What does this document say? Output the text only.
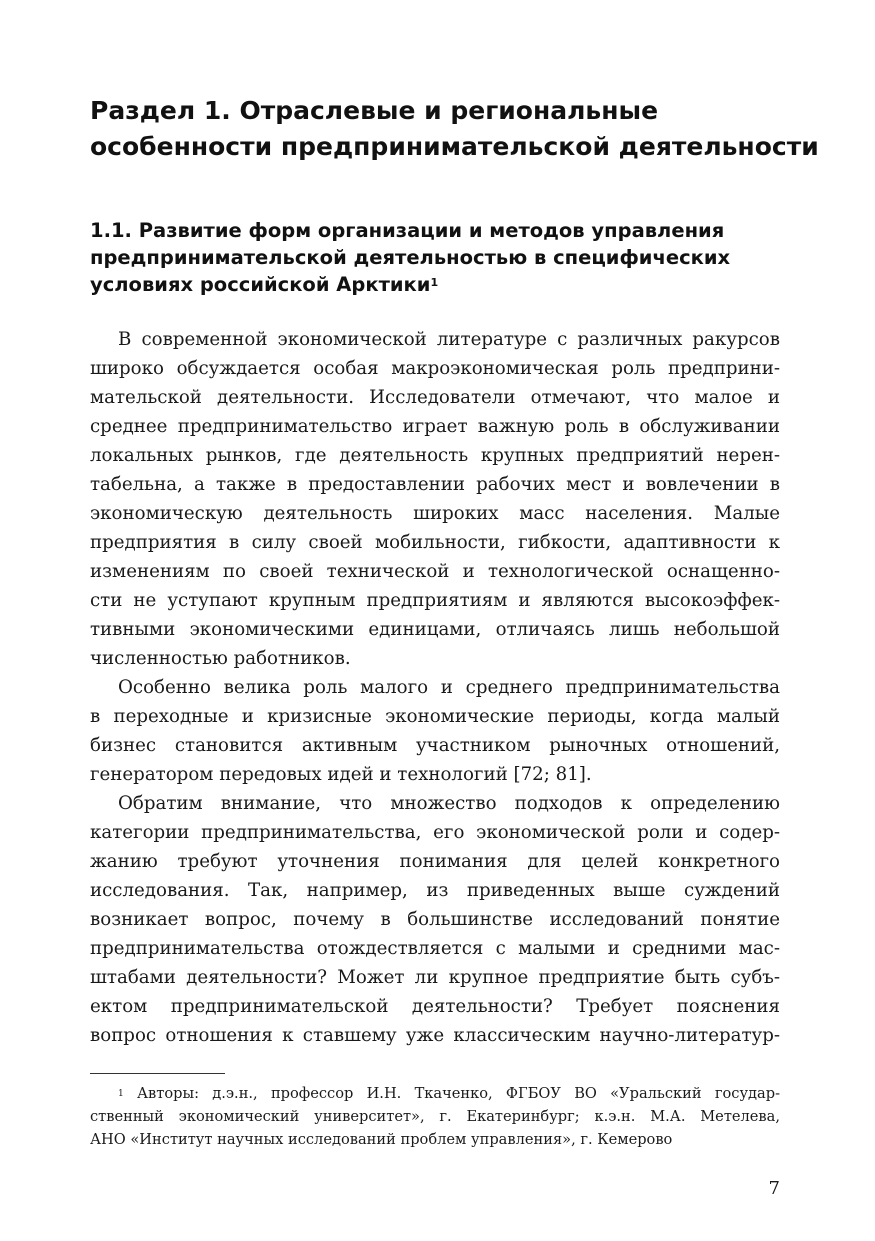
Раздел 1. Отраслевые и региональные
особенности предпринимательской деятельности
1.1. Развитие форм организации и методов управления
предпринимательской деятельностью в специфических
условиях российской Арктики$^1$
В современной экономической литературе с различных ракурсов
широко обсуждается особая макроэкономическая роль предприни-
мательской деятельности. Исследователи отмечают, что малое и
среднее предпринимательство играет важную роль в обслуживании
локальных рынков, где деятельность крупных предприятий нерен-
табельна, а также в предоставлении рабочих мест и вовлечении в
экономическую деятельность широких масс населения. Малые
предприятия в силу своей мобильности, гибкости, адаптивности к
изменениям по своей технической и технологической оснащенно-
сти не уступают крупным предприятиям и являются высокоэффек-
тивными экономическими единицами, отличаясь лишь небольшой
численностью работников.
Особенно велика роль малого и среднего предпринимательства
в переходные и кризисные экономические периоды, когда малый
бизнес становится активным участником рыночных отношений,
генератором передовых идей и технологий [72; 81].
Обратим внимание, что множество подходов к определению
категории предпринимательства, его экономической роли и содер-
жанию требуют уточнения понимания для целей конкретного
исследования. Так, например, из приведенных выше суждений
возникает вопрос, почему в большинстве исследований понятие
предпринимательства отождествляется с малыми и средними мас-
штабами деятельности? Может ли крупное предприятие быть субъ-
ектом предпринимательской деятельности? Требует пояснения
вопрос отношения к ставшему уже классическим научно-литератур-
$^1$ Авторы: д.э.н., профессор И.Н. Ткаченко, ФГБОУ ВО «Уральский государ-
ственный экономический университет», г. Екатеринбург; к.э.н. М.А. Метелева,
АНО «Институт научных исследований проблем управления», г. Кемерово
7
